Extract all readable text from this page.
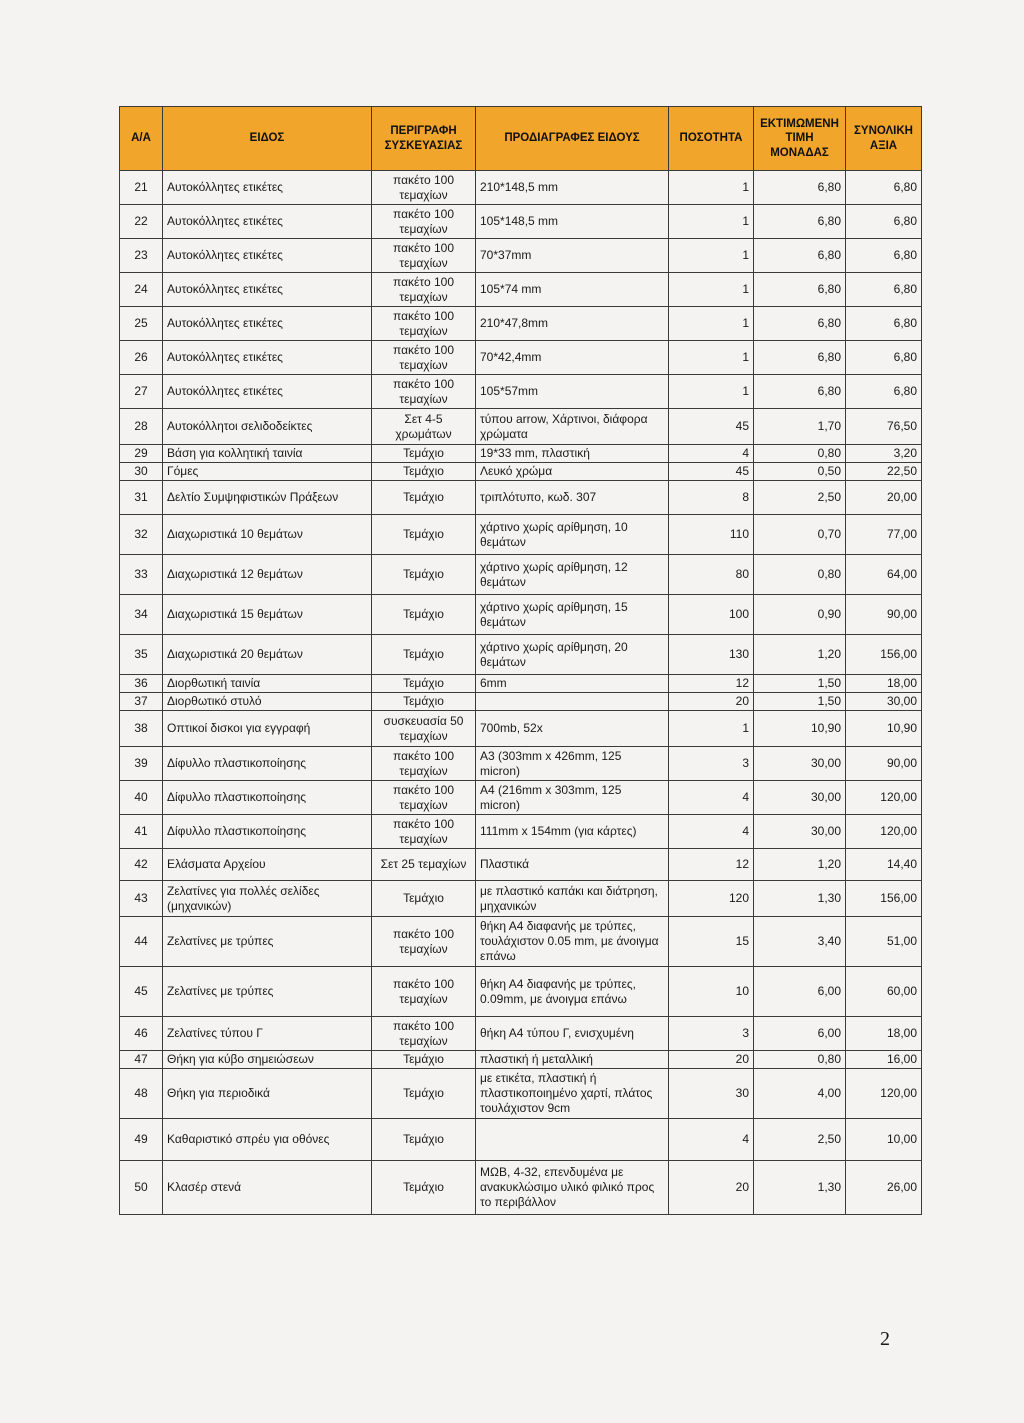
Α/Α	ΕΙΔΟΣ	ΠΕΡΙΓΡΑΦΗ ΣΥΣΚΕΥΑΣΙΑΣ	ΠΡΟΔΙΑΓΡΑΦΕΣ ΕΙΔΟΥΣ	ΠΟΣΟΤΗΤΑ	ΕΚΤΙΜΩΜΕΝΗ ΤΙΜΗ ΜΟΝΑΔΑΣ	ΣΥΝΟΛΙΚΗ ΑΞΙΑ
21	Αυτοκόλλητες ετικέτες	πακέτο 100 τεμαχίων	210*148,5 mm	1	6,80	6,80
22	Αυτοκόλλητες ετικέτες	πακέτο 100 τεμαχίων	105*148,5 mm	1	6,80	6,80
23	Αυτοκόλλητες ετικέτες	πακέτο 100 τεμαχίων	70*37mm	1	6,80	6,80
24	Αυτοκόλλητες ετικέτες	πακέτο 100 τεμαχίων	105*74 mm	1	6,80	6,80
25	Αυτοκόλλητες ετικέτες	πακέτο 100 τεμαχίων	210*47,8mm	1	6,80	6,80
26	Αυτοκόλλητες ετικέτες	πακέτο 100 τεμαχίων	70*42,4mm	1	6,80	6,80
27	Αυτοκόλλητες ετικέτες	πακέτο 100 τεμαχίων	105*57mm	1	6,80	6,80
28	Αυτοκόλλητοι σελιδοδείκτες	Σετ 4-5 χρωμάτων	τύπου arrow, Χάρτινοι, διάφορα χρώματα	45	1,70	76,50
29	Βάση για κολλητική ταινία	Τεμάχιο	19*33 mm, πλαστική	4	0,80	3,20
30	Γόμες	Τεμάχιο	Λευκό χρώμα	45	0,50	22,50
31	Δελτίο Συμψηφιστικών Πράξεων	Τεμάχιο	τριπλότυπο, κωδ. 307	8	2,50	20,00
32	Διαχωριστικά 10 θεμάτων	Τεμάχιο	χάρτινο χωρίς αρίθμηση, 10 θεμάτων	110	0,70	77,00
33	Διαχωριστικά 12 θεμάτων	Τεμάχιο	χάρτινο χωρίς αρίθμηση, 12 θεμάτων	80	0,80	64,00
34	Διαχωριστικά 15 θεμάτων	Τεμάχιο	χάρτινο χωρίς αρίθμηση, 15 θεμάτων	100	0,90	90,00
35	Διαχωριστικά 20 θεμάτων	Τεμάχιο	χάρτινο χωρίς αρίθμηση, 20 θεμάτων	130	1,20	156,00
36	Διορθωτική ταινία	Τεμάχιο	6mm	12	1,50	18,00
37	Διορθωτικό στυλό	Τεμάχιο		20	1,50	30,00
38	Οπτικοί δισκοι για εγγραφή	συσκευασία 50 τεμαχίων	700mb, 52x	1	10,90	10,90
39	Δίφυλλο πλαστικοποίησης	πακέτο 100 τεμαχίων	A3 (303mm x 426mm, 125 micron)	3	30,00	90,00
40	Δίφυλλο πλαστικοποίησης	πακέτο 100 τεμαχίων	A4 (216mm x 303mm, 125 micron)	4	30,00	120,00
41	Δίφυλλο πλαστικοποίησης	πακέτο 100 τεμαχίων	111mm x 154mm (για κάρτες)	4	30,00	120,00
42	Ελάσματα Αρχείου	Σετ 25 τεμαχίων	Πλαστικά	12	1,20	14,40
43	Ζελατίνες για πολλές σελίδες (μηχανικών)	Τεμάχιο	με πλαστικό καπάκι και διάτρηση, μηχανικών	120	1,30	156,00
44	Ζελατίνες με τρύπες	πακέτο 100 τεμαχίων	θήκη Α4 διαφανής με τρύπες, τουλάχιστον 0.05 mm, με άνοιγμα επάνω	15	3,40	51,00
45	Ζελατίνες με τρύπες	πακέτο 100 τεμαχίων	θήκη Α4 διαφανής με τρύπες, 0.09mm, με άνοιγμα επάνω	10	6,00	60,00
46	Ζελατίνες τύπου Γ	πακέτο 100 τεμαχίων	θήκη Α4 τύπου Γ, ενισχυμένη	3	6,00	18,00
47	Θήκη για κύβο σημειώσεων	Τεμάχιο	πλαστική ή μεταλλική	20	0,80	16,00
48	Θήκη για περιοδικά	Τεμάχιο	με ετικέτα, πλαστική ή πλαστικοποιημένο χαρτί, πλάτος τουλάχιστον 9cm	30	4,00	120,00
49	Καθαριστικό σπρέυ για οθόνες	Τεμάχιο		4	2,50	10,00
50	Κλασέρ στενά	Τεμάχιο	ΜΩΒ, 4-32, επενδυμένα με ανακυκλώσιμο υλικό φιλικό προς το περιβάλλον	20	1,30	26,00
2
